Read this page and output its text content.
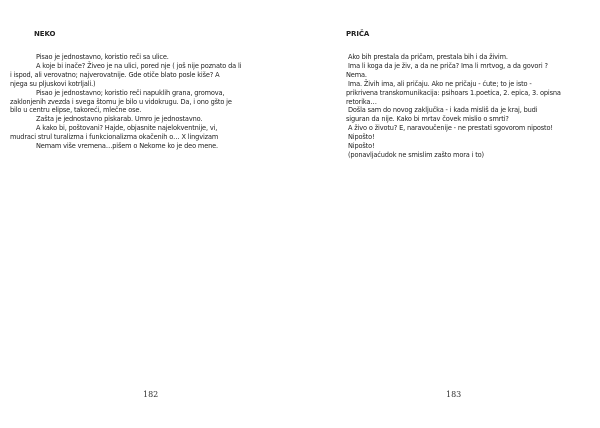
NEKO
Pisao je jednostavno, koristio reči sa ulice.
A koje bi inače? Živeo je na ulici, pored nje ( još nije poznato da li
i ispod, ali verovatno; najverovatnije. Gde otiče blato posle kiše? A
njega su pljuskovi kotrljali.)
Pisao je jednostavno; koristio reči napuklih grana, gromova,
zaklonjenih zvezda i svega štomu je bilo u vidokrugu. Da, i ono gšto je
bilo u centru elipse, takoreći, mlečne ose.
Zašta je jednostavno piskarab. Umro je jednostavno.
A kako bi, poštovani? Hajde, objasnite najelokventnije, vi,
mudraci strul turalizma i funkcionalizma okačenih o… X lingvizam
Nemam više vremena…pišem o Nekome ko je deo mene.
182
PRIČA
Ako bih prestala da pričam, prestala bih i da živim.
Ima li koga da je živ, a da ne priča? Ima li mrtvog, a da govori ?
Nema.
Ima. Živih ima, ali pričaju. Ako ne pričaju - ćute; to je isto -
prikrivena transkomunikacija: psihoars 1.poetica, 2. epica, 3. opisna
retorika…
Došla sam do novog zaključka - i kada misliš da je kraj, budi
siguran da nije. Kako bi mrtav čovek mislio o smrti?
A živo o životu? E, naravoučenije - ne prestati sgovorom niposto!
Nipošto!
Nipošto!
(ponavljaćudok ne smislim zašto mora i to)
183
